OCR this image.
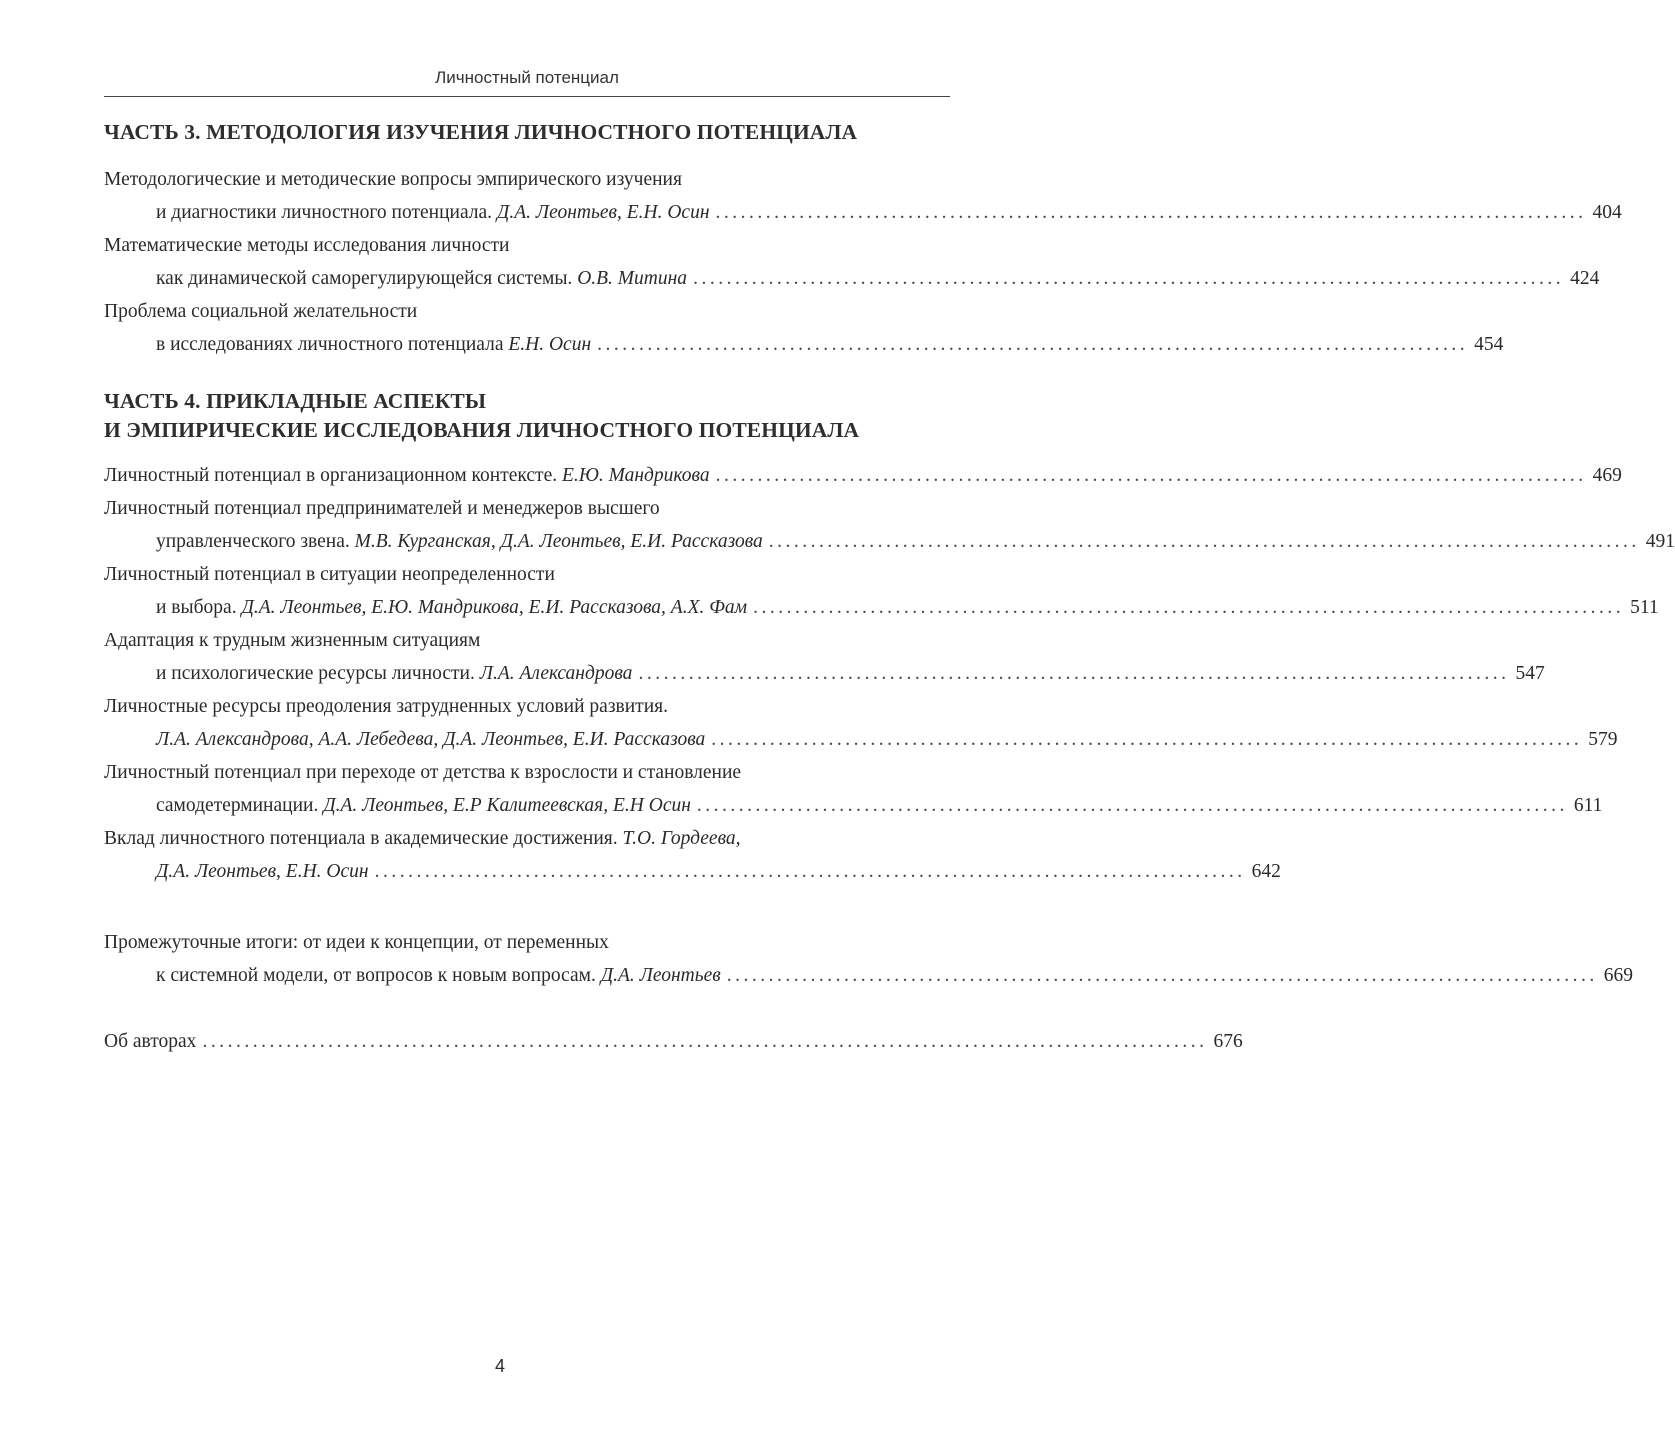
Личностный потенциал
ЧАСТЬ 3. МЕТОДОЛОГИЯ ИЗУЧЕНИЯ ЛИЧНОСТНОГО ПОТЕНЦИАЛА
Методологические и методические вопросы эмпирического изучения
и диагностики личностного потенциала. Д.А. Леонтьев, Е.Н. Осин ........................................................................................................ 404
Математические методы исследования личности
как динамической саморегулирующейся системы. О.В. Митина ........................................................................................................ 424
Проблема социальной желательности
в исследованиях личностного потенциала Е.Н. Осин ........................................................................................................ 454
ЧАСТЬ 4. ПРИКЛАДНЫЕ АСПЕКТЫ
И ЭМПИРИЧЕСКИЕ ИССЛЕДОВАНИЯ ЛИЧНОСТНОГО ПОТЕНЦИАЛА
Личностный потенциал в организационном контексте. Е.Ю. Мандрикова ........................................................................................................ 469
Личностный потенциал предпринимателей и менеджеров высшего
управленческого звена. М.В. Курганская, Д.А. Леонтьев, Е.И. Рассказова ........................................................................................................ 491
Личностный потенциал в ситуации неопределенности
и выбора. Д.А. Леонтьев, Е.Ю. Мандрикова, Е.И. Рассказова, А.Х. Фам ........................................................................................................ 511
Адаптация к трудным жизненным ситуациям
и психологические ресурсы личности. Л.А. Александрова ........................................................................................................ 547
Личностные ресурсы преодоления затрудненных условий развития.
Л.А. Александрова, А.А. Лебедева, Д.А. Леонтьев, Е.И. Рассказова ........................................................................................................ 579
Личностный потенциал при переходе от детства к взрослости и становление
самодетерминации. Д.А. Леонтьев, Е.Р Калитеевская, Е.Н Осин ........................................................................................................ 611
Вклад личностного потенциала в академические достижения. Т.О. Гордеева,
Д.А. Леонтьев, Е.Н. Осин ........................................................................................................ 642
Промежуточные итоги: от идеи к концепции, от переменных
к системной модели, от вопросов к новым вопросам. Д.А. Леонтьев ........................................................................................................ 669
Об авторах ........................................................................................................................ 676
4
